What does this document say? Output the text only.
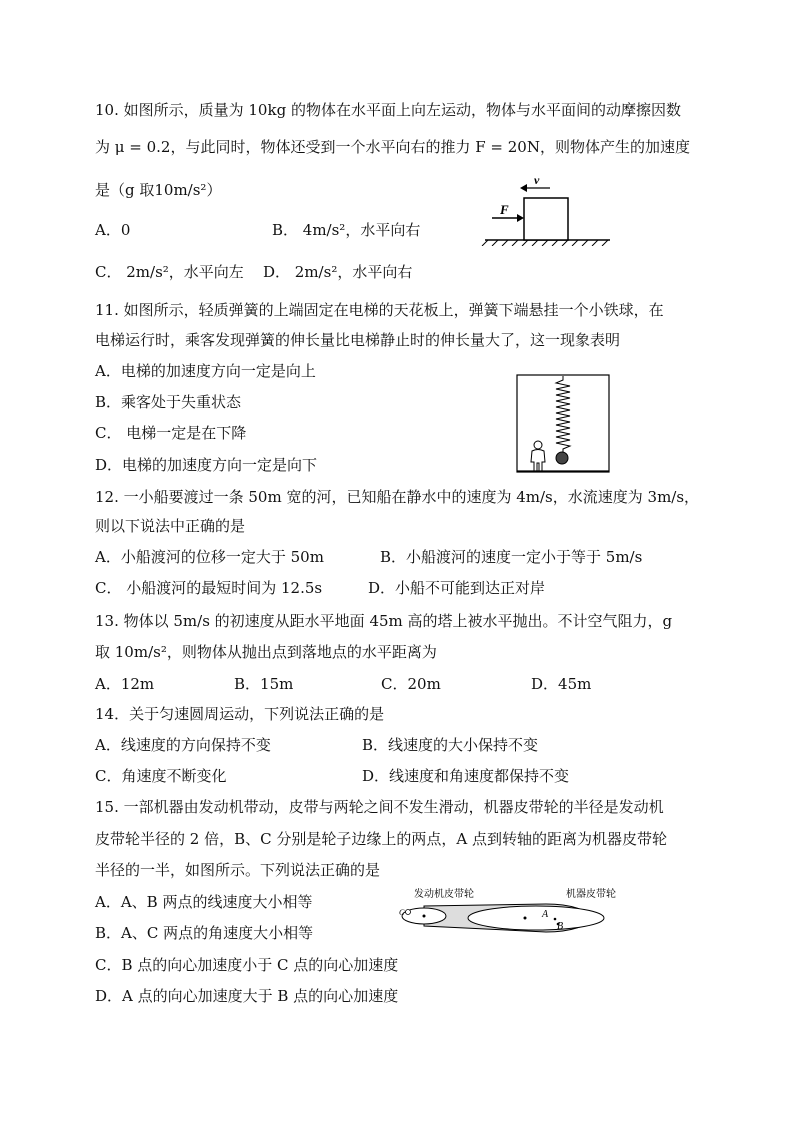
10. 如图所示，质量为 10kg 的物体在水平面上向左运动，物体与水平面间的动摩擦因数
为 μ = 0.2，与此同时，物体还受到一个水平向右的推力 F = 20N，则物体产生的加速度
是（g 取10m/s²）
A．0	B． 4m/s²，水平向右
C． 2m/s²，水平向左 D． 2m/s²，水平向右
F
v
11. 如图所示，轻质弹簧的上端固定在电梯的天花板上，弹簧下端悬挂一个小铁球，在
电梯运行时，乘客发现弹簧的伸长量比电梯静止时的伸长量大了，这一现象表明
A．电梯的加速度方向一定是向上
B．乘客处于失重状态
C． 电梯一定是在下降
D．电梯的加速度方向一定是向下
12. 一小船要渡过一条 50m 宽的河，已知船在静水中的速度为 4m/s，水流速度为 3m/s，
则以下说法中正确的是
A．小船渡河的位移一定大于 50m	B．小船渡河的速度一定小于等于 5m/s
C． 小船渡河的最短时间为 12.5s	D．小船不可能到达正对岸
13. 物体以 5m/s 的初速度从距水平地面 45m 高的塔上被水平抛出。不计空气阻力，g
取 10m/s²，则物体从抛出点到落地点的水平距离为
A．12m	B．15m	C．20m	D．45m
14．关于匀速圆周运动，下列说法正确的是
A．线速度的方向保持不变	B．线速度的大小保持不变
C．角速度不断变化	D．线速度和角速度都保持不变
15. 一部机器由发动机带动，皮带与两轮之间不发生滑动，机器皮带轮的半径是发动机
皮带轮半径的 2 倍，B、C 分别是轮子边缘上的两点，A 点到转轴的距离为机器皮带轮
半径的一半，如图所示。下列说法正确的是
A．A、B 两点的线速度大小相等
B．A、C 两点的角速度大小相等
C．B 点的向心加速度小于 C 点的向心加速度
D．A 点的向心加速度大于 B 点的向心加速度
发动机皮带轮	机器皮带轮
A
B
C
